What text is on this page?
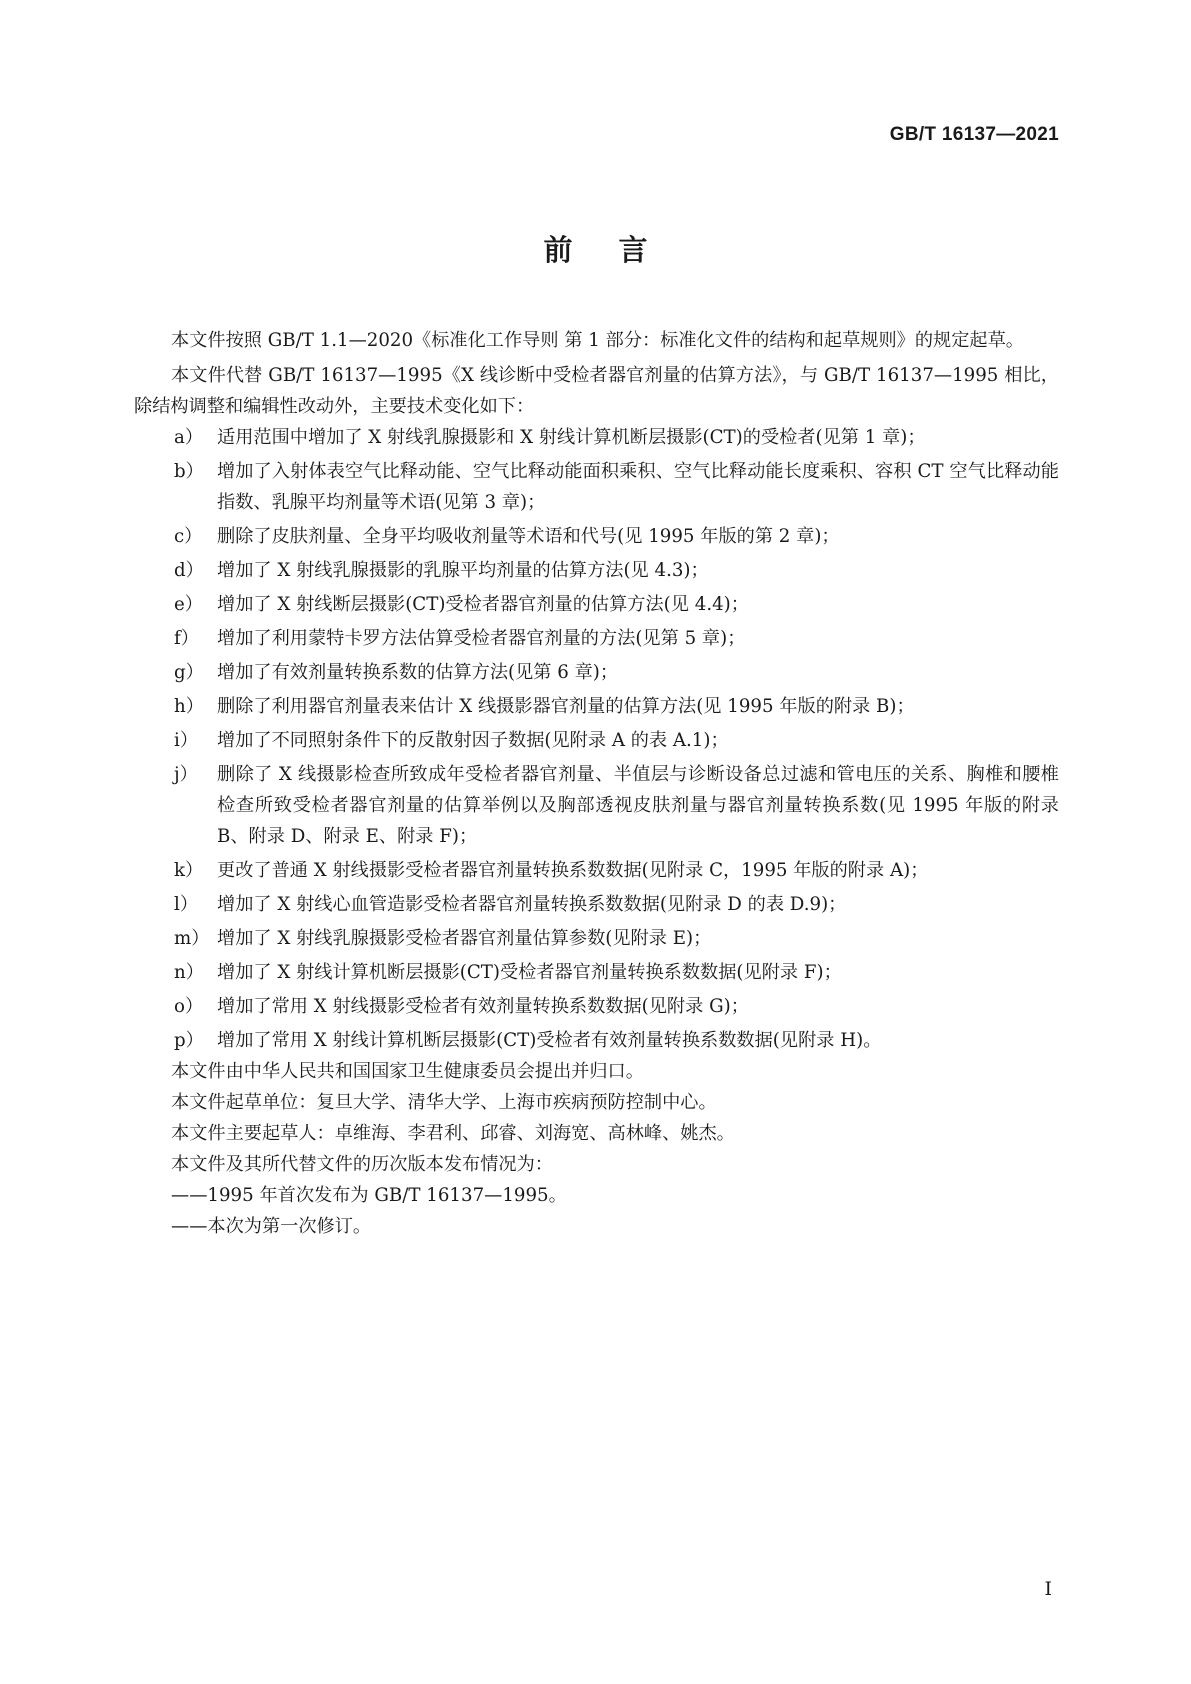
GB/T 16137—2021
前言

本文件按照 GB/T 1.1—2020《标准化工作导则 第 1 部分：标准化文件的结构和起草规则》的规定起草。

本文件代替 GB/T 16137—1995《X 线诊断中受检者器官剂量的估算方法》，与 GB/T 16137—1995 相比，除结构调整和编辑性改动外，主要技术变化如下：

a） 适用范围中增加了 X 射线乳腺摄影和 X 射线计算机断层摄影(CT)的受检者(见第 1 章)；
b） 增加了入射体表空气比释动能、空气比释动能面积乘积、空气比释动能长度乘积、容积 CT 空气比释动能指数、乳腺平均剂量等术语(见第 3 章)；
c） 删除了皮肤剂量、全身平均吸收剂量等术语和代号(见 1995 年版的第 2 章)；
d） 增加了 X 射线乳腺摄影的乳腺平均剂量的估算方法(见 4.3)；
e） 增加了 X 射线断层摄影(CT)受检者器官剂量的估算方法(见 4.4)；
f） 增加了利用蒙特卡罗方法估算受检者器官剂量的方法(见第 5 章)；
g） 增加了有效剂量转换系数的估算方法(见第 6 章)；
h） 删除了利用器官剂量表来估计 X 线摄影器官剂量的估算方法(见 1995 年版的附录 B)；
i）	增加了不同照射条件下的反散射因子数据(见附录 A 的表 A.1)；
j）	删除了 X 线摄影检查所致成年受检者器官剂量、半值层与诊断设备总过滤和管电压的关系、胸椎和腰椎检查所致受检者器官剂量的估算举例以及胸部透视皮肤剂量与器官剂量转换系数(见 1995 年版的附录 B、附录 D、附录 E、附录 F)；
k） 更改了普通 X 射线摄影受检者器官剂量转换系数数据(见附录 C，1995 年版的附录 A)；
l）	增加了 X 射线心血管造影受检者器官剂量转换系数数据(见附录 D 的表 D.9)；
m） 增加了 X 射线乳腺摄影受检者器官剂量估算参数(见附录 E)；
n） 增加了 X 射线计算机断层摄影(CT)受检者器官剂量转换系数数据(见附录 F)；
o） 增加了常用 X 射线摄影受检者有效剂量转换系数数据(见附录 G)；
p） 增加了常用 X 射线计算机断层摄影(CT)受检者有效剂量转换系数数据(见附录 H)。

本文件由中华人民共和国国家卫生健康委员会提出并归口。

本文件起草单位：复旦大学、清华大学、上海市疾病预防控制中心。

本文件主要起草人：卓维海、李君利、邱睿、刘海宽、高林峰、姚杰。

本文件及其所代替文件的历次版本发布情况为：

——1995 年首次发布为 GB/T 16137—1995。

——本次为第一次修订。

I
